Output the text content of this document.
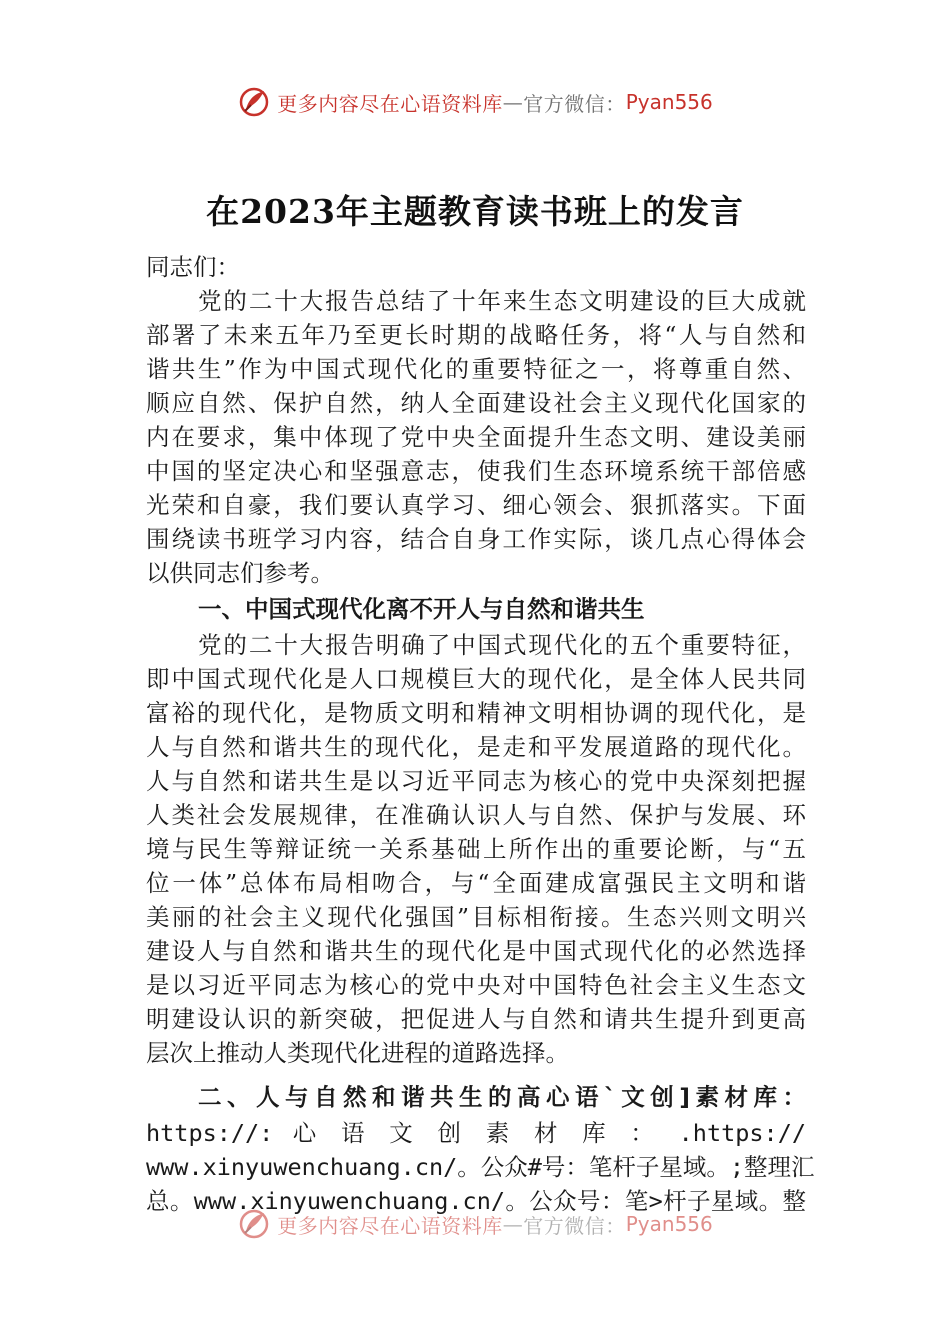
更多内容尽在心语资料库 — 官方微信： Pyan556
在2023年主题教育读书班上的发言
同志们：
党的二十大报告总结了十年来生态文明建设的巨大成就
部署了未来五年乃至更长时期的战略任务，将“人与自然和
谐共生”作为中国式现代化的重要特征之一，将尊重自然、
顺应自然、保护自然，纳人全面建设社会主义现代化国家的
内在要求，集中体现了党中央全面提升生态文明、建设美丽
中国的坚定决心和坚强意志，使我们生态环境系统干部倍感
光荣和自豪，我们要认真学习、细心领会、狠抓落实。下面
围绕读书班学习内容，结合自身工作实际，谈几点心得体会
以供同志们参考。
一、中国式现代化离不开人与自然和谐共生
党的二十大报告明确了中国式现代化的五个重要特征，
即中国式现代化是人口规模巨大的现代化，是全体人民共同
富裕的现代化，是物质文明和精神文明相协调的现代化，是
人与自然和谐共生的现代化，是走和平发展道路的现代化。
人与自然和诺共生是以习近平同志为核心的党中央深刻把握
人类社会发展规律，在准确认识人与自然、保护与发展、环
境与民生等辩证统一关系基础上所作出的重要论断，与“五
位一体”总体布局相吻合，与“全面建成富强民主文明和谐
美丽的社会主义现代化强国”目标相衔接。生态兴则文明兴
建设人与自然和谐共生的现代化是中国式现代化的必然选择
是以习近平同志为核心的党中央对中国特色社会主义生态文
明建设认识的新突破，把促进人与自然和请共生提升到更高
层次上推动人类现代化进程的道路选择。
二、人与自然和谐共生的高心语`文创]素材库：
https://: 心 语 文 创 素 材 库 ： .https://
www.xinyuwenchuang.cn/。公众#号：笔杆子星域。;整理汇
总。www.xinyuwenchuang.cn/。公众号：笔>杆子星域。整
更多内容尽在心语资料库 — 官方微信： Pyan556
